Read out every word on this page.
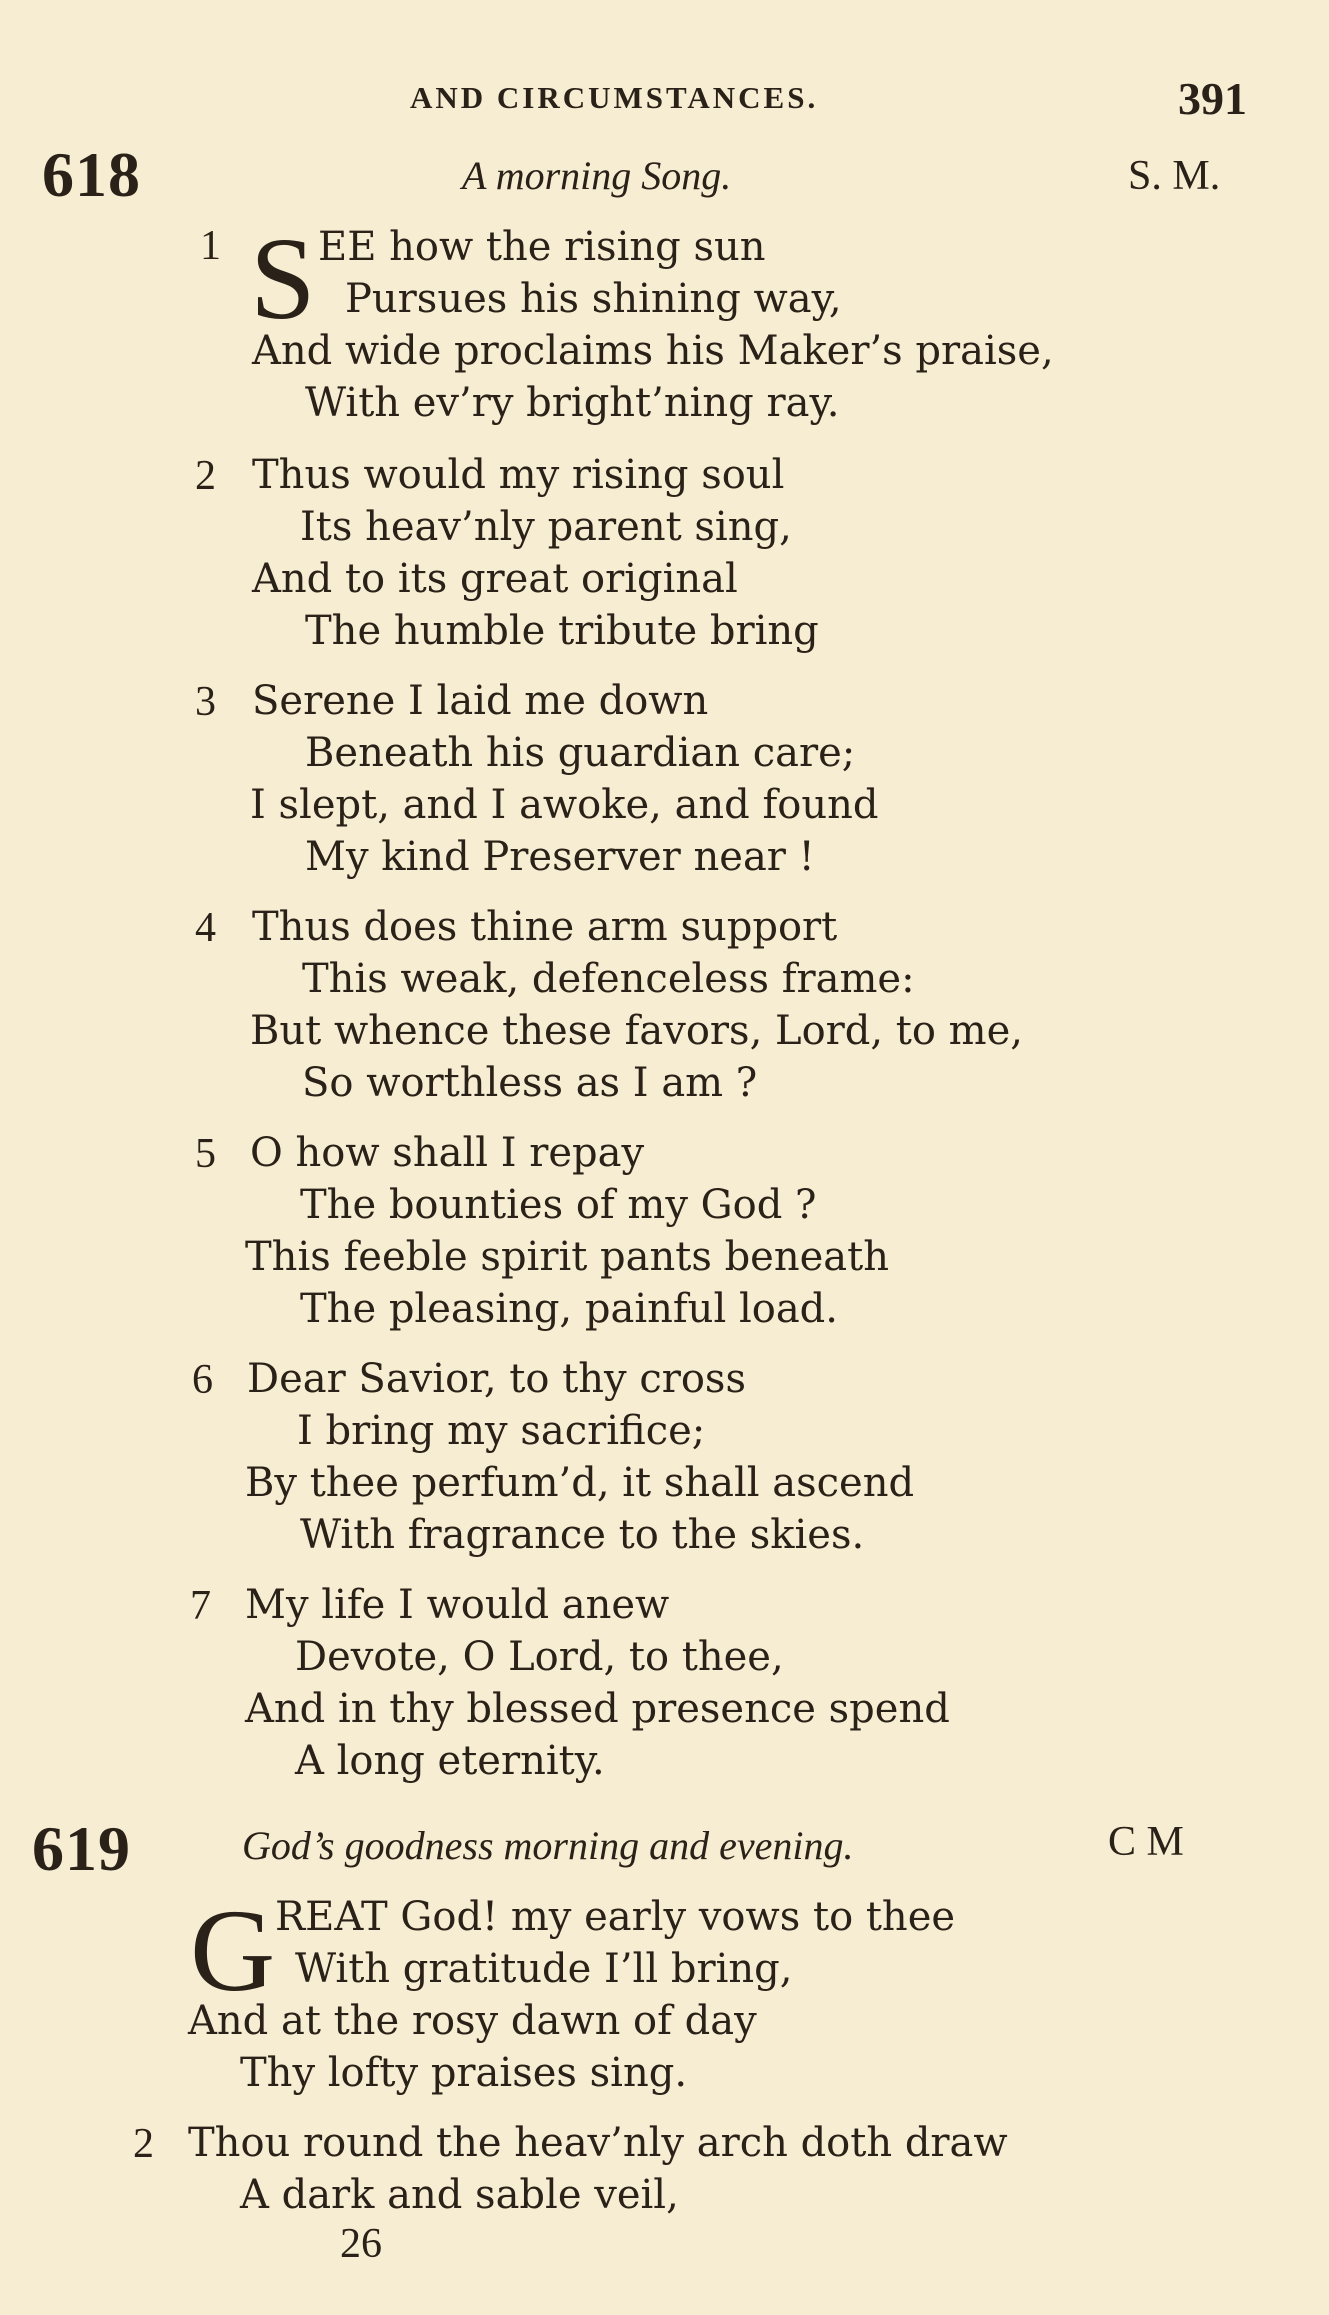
AND CIRCUMSTANCES.	391
618	A morning Song.	S. M.
1 S EE how the rising sun
Pursues his shining way,
And wide proclaims his Maker’s praise,
With ev’ry bright’ning ray.
2 Thus would my rising soul
Its heav’nly parent sing,
And to its great original
The humble tribute bring
3 Serene I laid me down
Beneath his guardian care;
I slept, and I awoke, and found
My kind Preserver near !
4 Thus does thine arm support
This weak, defenceless frame:
But whence these favors, Lord, to me,
So worthless as I am ?
5 O how shall I repay
The bounties of my God ?
This feeble spirit pants beneath
The pleasing, painful load.
6 Dear Savior, to thy cross
I bring my sacrifice;
By thee perfum’d, it shall ascend
With fragrance to the skies.
7 My life I would anew
Devote, O Lord, to thee,
And in thy blessed presence spend
A long eternity.
619	God’s goodness morning and evening.	C M
G REAT God! my early vows to thee
With gratitude I’ll bring,
And at the rosy dawn of day
Thy lofty praises sing.
2 Thou round the heav’nly arch doth draw
A dark and sable veil,
26
